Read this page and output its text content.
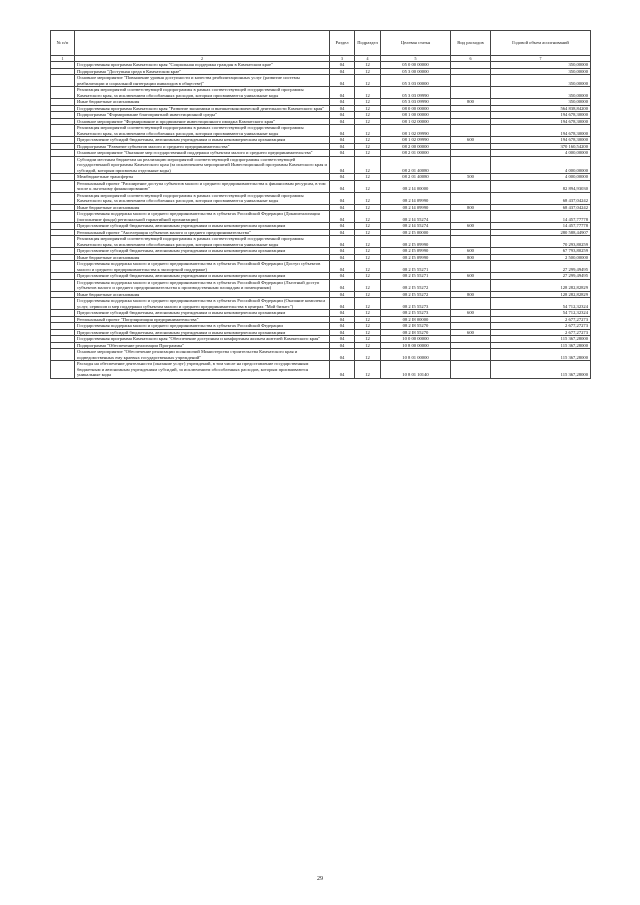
№ п/п		Раздел	Подраздел	Целевая статья	Вид расходов	Годовой объем ассигнований
1	2	3	4	5	6	7
	Государственная программа Камчатского края "Социальная поддержка граждан в Камчатском крае"	04	12	05 0 00 00000		350,00000
	Подпрограмма "Доступная среда в Камчатском крае"	04	12	05 3 00 00000		350,00000
	Основное мероприятие "Повышение уровня доступности и качества реабилитационных услуг (развитие системы реабилитации и социальной интеграции инвалидов в обществе)"	04	12	05 3 03 00000		350,00000
	Реализация мероприятий соответствующей подпрограммы в рамках соответствующей государственной программы Камчатского края, за исключением обособленных расходов, которым присваиваются уникальные коды	04	12	05 3 03 09990		350,00000
	Иные бюджетные ассигнования	04	12	05 3 03 09990	800	350,00000
	Государственная программа Камчатского края "Развитие экономики и внешнеэкономической деятельности Камчатского края"	04	12	08 0 00 00000		564 838,84200
	Подпрограмма "Формирование благоприятной инвестиционной среды"	04	12	08 1 00 00000		194 678,30000
	Основное мероприятие "Формирование и продвижение инвестиционного имиджа Камчатского края"	04	12	08 1 02 00000		194 678,30000
	Реализация мероприятий соответствующей подпрограммы в рамках соответствующей государственной программы Камчатского края, за исключением обособленных расходов, которым присваиваются уникальные коды	04	12	08 1 02 09990		194 678,30000
	Предоставление субсидий бюджетным, автономным учреждениям и иным некоммерческим организациям	04	12	08 1 02 09990	600	194 678,30000
	Подпрограмма "Развитие субъектов малого и среднего предпринимательства"	04	12	08 2 00 00000		370 160,54200
	Основное мероприятие "Оказание мер государственной поддержки субъектам малого и среднего предпринимательства"	04	12	08 2 01 00000		4 000,00000
	Субсидии местным бюджетам на реализацию мероприятий соответствующей подпрограммы соответствующей государственной программы Камчатского края (за исключением мероприятий Инвестиционной программы Камчатского края и субсидий, которым присвоены отдельные коды)	04	12	08 2 01 40080		4 000,00000
	Межбюджетные трансферты	04	12	08 2 01 40080	500	4 000,00000
	Региональный проект "Расширение доступа субъектов малого и среднего предпринимательства к финансовым ресурсам, в том числе к льготному финансированию"	04	12	08 2 I4 00000		82 894,93030
	Реализация мероприятий соответствующей подпрограммы в рамках соответствующей государственной программы Камчатского края, за исключением обособленных расходов, которым присваиваются уникальные коды	04	12	08 2 I4 09990		68 437,04242
	Иные бюджетные ассигнования	04	12	08 2 I4 09990	800	68 437,04242
	Государственная поддержка малого и среднего предпринимательства в субъектах Российской Федерации (Докапитализация (пополнение фонда) региональной гарантийной организации)	04	12	08 2 I4 55274		14 457,77778
	Предоставление субсидий бюджетным, автономным учреждениям и иным некоммерческим организациям	04	12	08 2 I4 55274	600	14 457,77778
	Региональный проект "Акселерация субъектов малого и среднего предпринимательства"	04	12	08 2 I5 00000		280 588,44907
	Реализация мероприятий соответствующей подпрограммы в рамках соответствующей государственной программы Камчатского края, за исключением обособленных расходов, которым присваиваются уникальные коды	04	12	08 2 I5 09990		70 293,80259
	Предоставление субсидий бюджетным, автономным учреждениям и иным некоммерческим организациям	04	12	08 2 I5 09990	600	67 793,80259
	Иные бюджетные ассигнования	04	12	08 2 I5 09990	800	2 500,00000
	Государственная поддержка малого и среднего предпринимательства в субъектах Российской Федерации (Доступ субъектов малого и среднего предпринимательства к экспортной поддержке)	04	12	08 2 I5 55271		27 299,49495
	Предоставление субсидий бюджетным, автономным учреждениям и иным некоммерческим организациям	04	12	08 2 I5 55271	600	27 299,49495
	Государственная поддержка малого и среднего предпринимательства в субъектах Российской Федерации (Льготный доступ субъектов малого и среднего предпринимательства к производственным площадям и помещениям)	04	12	08 2 I5 55272		128 282,82829
	Иные бюджетные ассигнования	04	12	08 2 I5 55272	800	128 282,82829
	Государственная поддержка малого и среднего предпринимательства в субъектах Российской Федерации (Оказание комплекса услуг, сервисов и мер поддержки субъектам малого и среднего предпринимательства в центрах "Мой бизнес")	04	12	08 2 I5 55273		54 712,32324
	Предоставление субсидий бюджетным, автономным учреждениям и иным некоммерческим организациям	04	12	08 2 I5 55273	600	54 712,32324
	Региональный проект "Популяризация предпринимательства"	04	12	08 2 I8 00000		2 677,27273
	Государственная поддержка малого и среднего предпринимательства в субъектах Российской Федерации	04	12	08 2 I8 55270		2 677,27273
	Предоставление субсидий бюджетным, автономным учреждениям и иным некоммерческим организациям	04	12	08 2 I8 55270	600	2 677,27273
	Государственная программа Камчатского края "Обеспечение доступным и комфортным жильем жителей Камчатского края"	04	12	10 0 00 00000		115 367,28000
	Подпрограмма "Обеспечение реализации Программы"	04	12	10 8 00 00000		115 367,28000
	Основное мероприятие "Обеспечение реализации полномочий Министерства строительства Камчатского края и подведомственных ему краевых государственных учреждений"	04	12	10 8 01 00000		115 367,28000
	Расходы на обеспечение деятельности (оказание услуг) учреждений, в том числе на предоставление государственным бюджетным и автономным учреждениям субсидий, за исключением обособленных расходов, которым присваиваются уникальные коды	04	12	10 8 01 10140		115 367,28000
29
